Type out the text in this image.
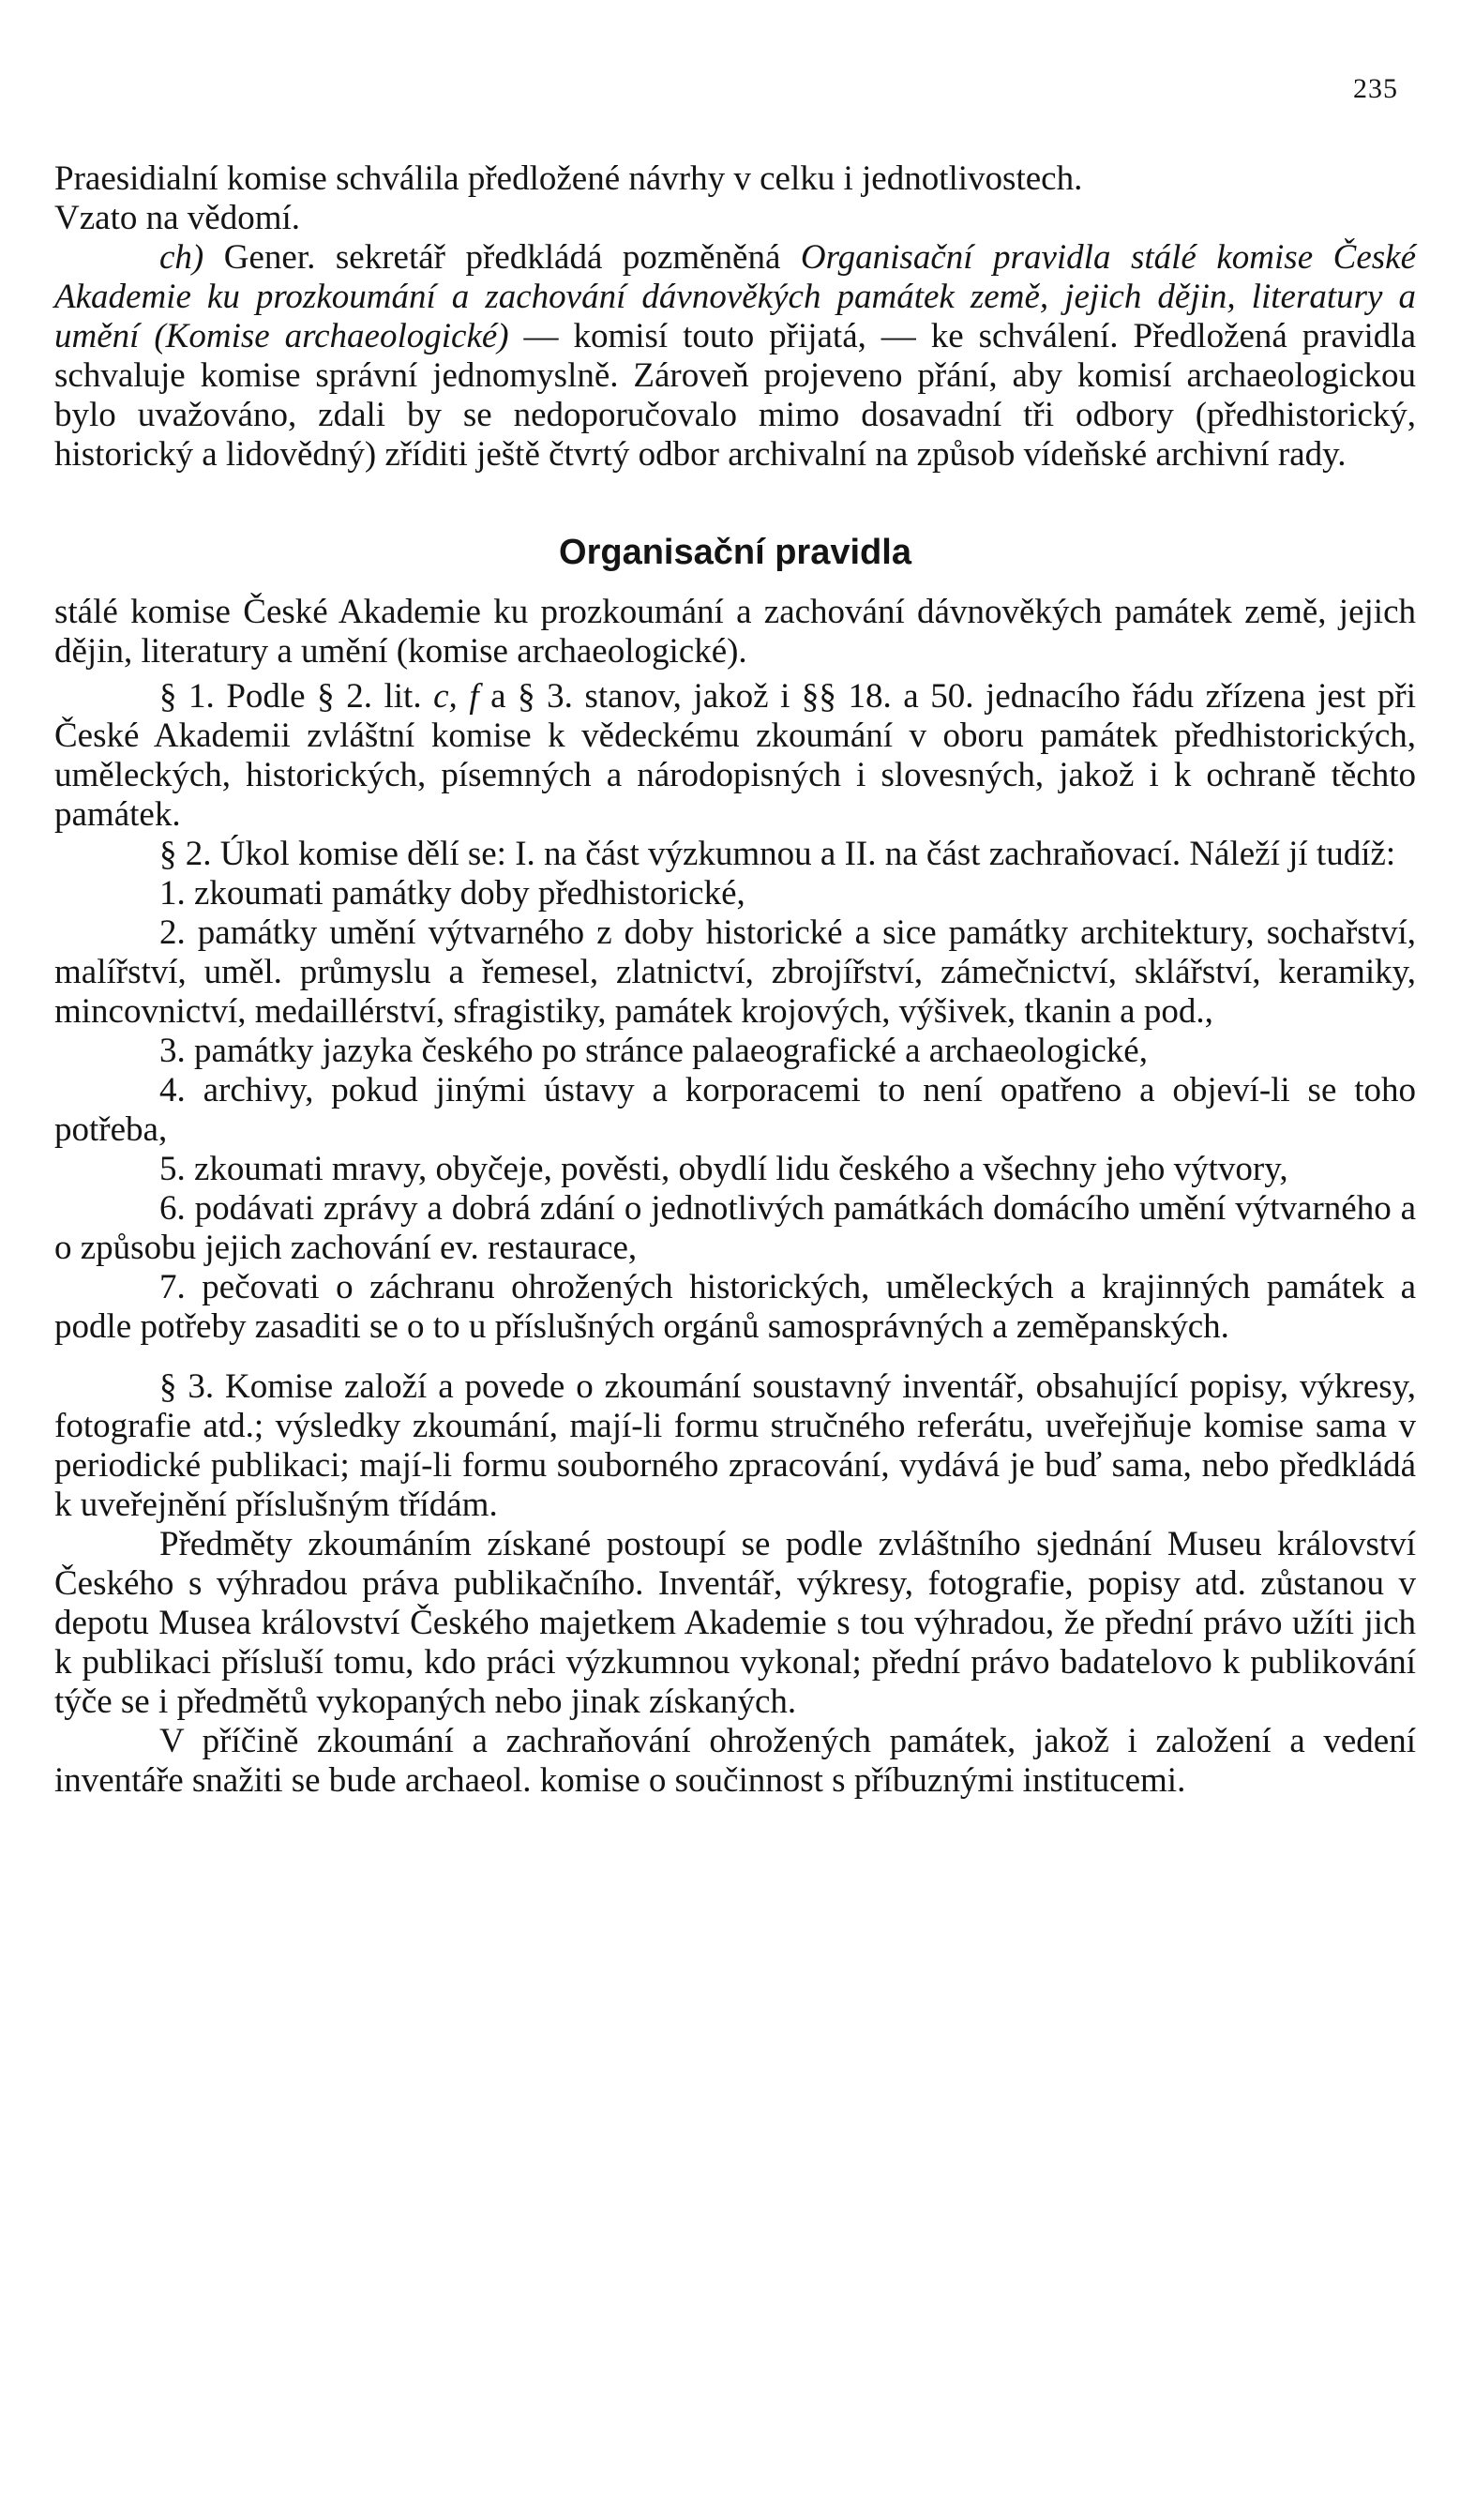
235

Praesidialní komise schválila předložené návrhy v celku i jednotlivostech.

Vzato na vědomí.

ch) Gener. sekretář předkládá pozměněná Organisační pravidla stálé komise České Akademie ku prozkoumání a zachování dávnověkých památek země, jejich dějin, literatury a umění (Komise archaeologické) — komisí touto přijatá, — ke schválení. Předložená pravidla schvaluje komise správní jednomyslně. Zároveň projeveno přání, aby komisí archaeologickou bylo uvažováno, zdali by se nedoporučovalo mimo dosavadní tři odbory (předhistorický, historický a lidovědný) zříditi ještě čtvrtý odbor archivalní na způsob vídeňské archivní rady.

Organisační pravidla

stálé komise České Akademie ku prozkoumání a zachování dávnověkých památek země, jejich dějin, literatury a umění (komise archaeologické).

§ 1. Podle § 2. lit. c, f a § 3. stanov, jakož i §§ 18. a 50. jednacího řádu zřízena jest při České Akademii zvláštní komise k vědeckému zkoumání v oboru památek předhistorických, uměleckých, historických, písemných a národopisných i slovesných, jakož i k ochraně těchto památek.

§ 2. Úkol komise dělí se: I. na část výzkumnou a II. na část zachraňovací. Náleží jí tudíž:

1. zkoumati památky doby předhistorické,

2. památky umění výtvarného z doby historické a sice památky architektury, sochařství, malířství, uměl. průmyslu a řemesel, zlatnictví, zbrojířství, zámečnictví, sklářství, keramiky, mincovnictví, medaillérství, sfragistiky, památek krojových, výšivek, tkanin a pod.,

3. památky jazyka českého po stránce palaeografické a archaeologické,

4. archivy, pokud jinými ústavy a korporacemi to není opatřeno a objeví-li se toho potřeba,

5. zkoumati mravy, obyčeje, pověsti, obydlí lidu českého a všechny jeho výtvory,

6. podávati zprávy a dobrá zdání o jednotlivých památkách domácího umění výtvarného a o způsobu jejich zachování ev. restaurace,

7. pečovati o záchranu ohrožených historických, uměleckých a krajinných památek a podle potřeby zasaditi se o to u příslušných orgánů samosprávných a zeměpanských.

§ 3. Komise založí a povede o zkoumání soustavný inventář, obsahující popisy, výkresy, fotografie atd.; výsledky zkoumání, mají-li formu stručného referátu, uveřejňuje komise sama v periodické publikaci; mají-li formu souborného zpracování, vydává je buď sama, nebo předkládá k uveřejnění příslušným třídám.

Předměty zkoumáním získané postoupí se podle zvláštního sjednání Museu království Českého s výhradou práva publikačního. Inventář, výkresy, fotografie, popisy atd. zůstanou v depotu Musea království Českého majetkem Akademie s tou výhradou, že přední právo užíti jich k publikaci přísluší tomu, kdo práci výzkumnou vykonal; přední právo badatelovo k publikování týče se i předmětů vykopaných nebo jinak získaných.

V příčině zkoumání a zachraňování ohrožených památek, jakož i založení a vedení inventáře snažiti se bude archaeol. komise o součinnost s příbuznými institucemi.
